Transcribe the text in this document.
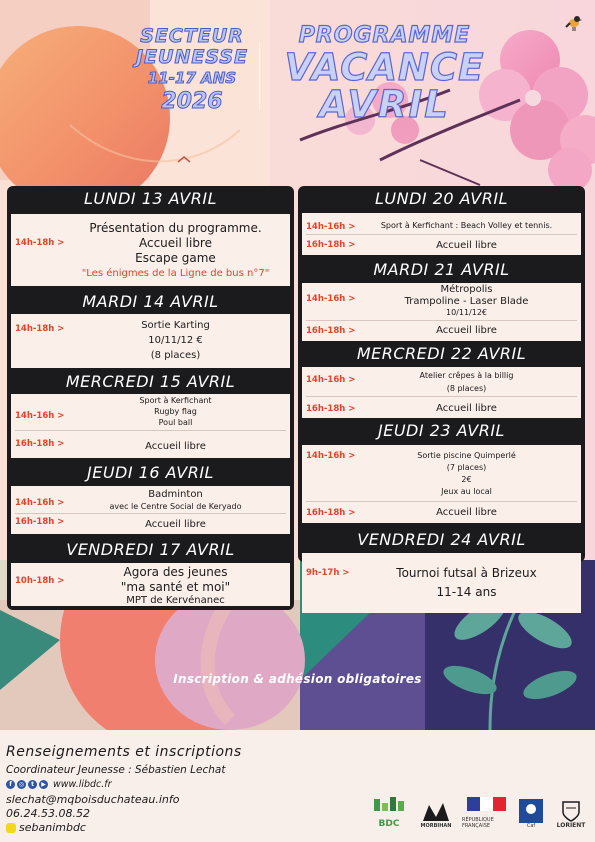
SECTEUR
JEUNESSE
11-17 ANS
2026
PROGRAMME
VACANCE
AVRIL
LUNDI 13 AVRIL
14h-18h >
Présentation du programme.
Accueil libre
Escape game
"Les énigmes de la Ligne de bus n°7"
MARDI 14 AVRIL
14h-18h >	Sortie Karting
10/11/12 €
(8 places)
MERCREDI 15 AVRIL
14h-16h >
Sport à Kerfichant
Rugby flag
Poul ball
16h-18h >	Accueil libre
JEUDI 16 AVRIL
14h-16h >
Badminton
avec le Centre Social de Keryado
16h-18h >	Accueil libre
VENDREDI 17 AVRIL
10h-18h >
Agora des jeunes
"ma santé et moi"
MPT de Kervénanec
LUNDI 20 AVRIL
14h-16h >	Sport à Kerfichant : Beach Volley et tennis.
16h-18h >	Accueil libre
MARDI 21 AVRIL
14h-16h >
Métropolis
Trampoline - Laser Blade
10/11/12€
16h-18h >	Accueil libre
MERCREDI 22 AVRIL
14h-16h >	Atelier crêpes à la billig
(8 places)
16h-18h >	Accueil libre
JEUDI 23 AVRIL
14h-16h >	Sortie piscine Quimperlé
(7 places)
2€
Jeux au local
16h-18h >	Accueil libre
VENDREDI 24 AVRIL
9h-17h >	Tournoi futsal à Brizeux
11-14 ans
Inscription & adhésion obligatoires
Renseignements et inscriptions
Coordinateur Jeunesse : Sébastien Lechat
f	◎	t	▶ www.libdc.fr
slechat@mqboisduchateau.info
06.24.53.08.52
sebanimbdc	BDC	MORBIHAN
RÉPUBLIQUE FRANÇAISE	Caf	LORIENT
